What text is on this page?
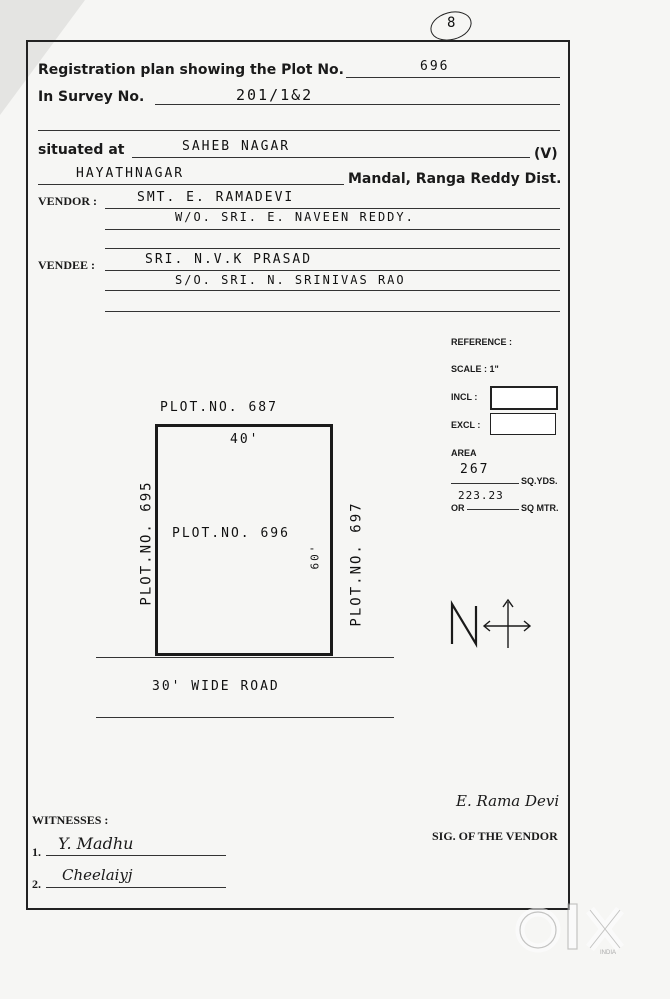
8
Registration plan showing the Plot No.	696
In Survey No.	201/1&2
situated at	SAHEB NAGAR	(V)
HAYATHNAGAR	Mandal, Ranga Reddy Dist.
VENDOR :	SMT. E. RAMADEVI
W/O. SRI. E. NAVEEN REDDY.
VENDEE :	SRI. N.V.K PRASAD
S/O. SRI. N. SRINIVAS RAO
REFERENCE :
SCALE : 1"
INCL :
EXCL :
AREA
267
SQ.YDS.
223.23
OR	SQ MTR.
PLOT.NO. 687
40'
PLOT.NO. 696
60'
PLOT.NO. 695	PLOT.NO. 697
30' WIDE ROAD
E. Rama Devi
SIG. OF THE VENDOR
WITNESSES :
1. Y. Madhu
2. Cheelaiyj
INDIA
